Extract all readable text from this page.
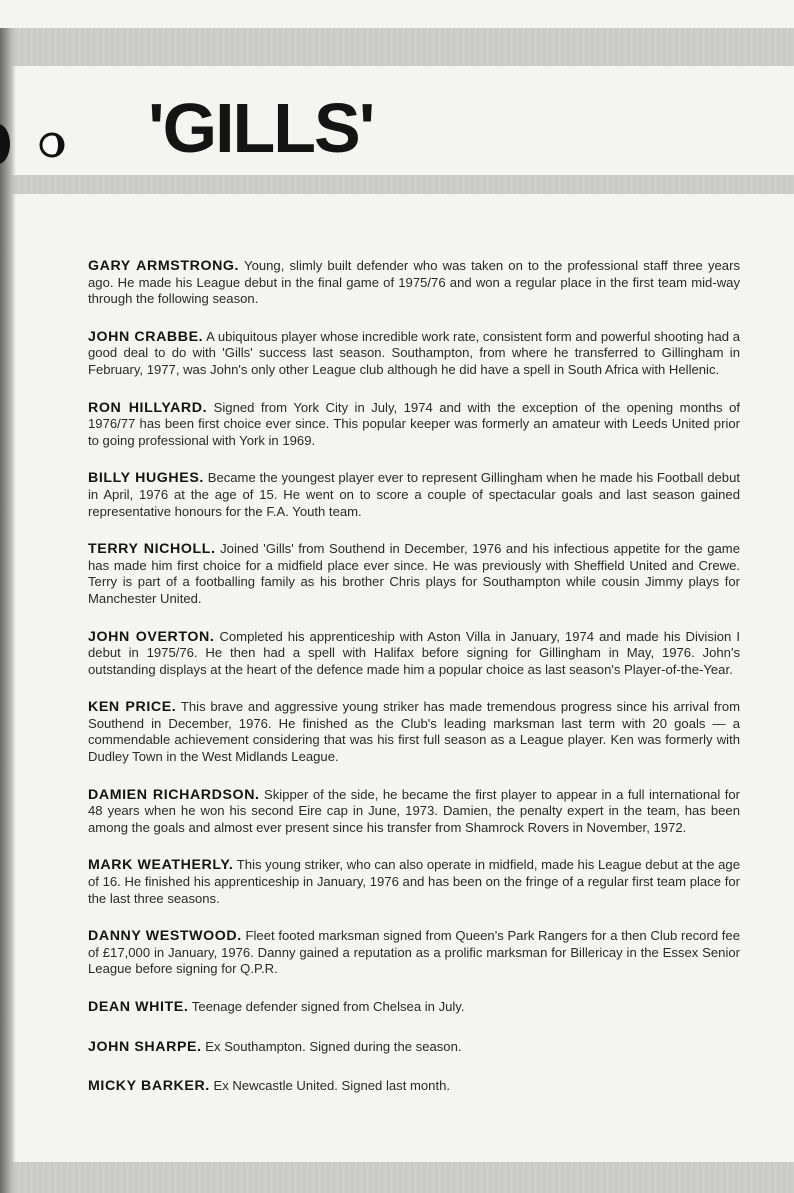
'GILLS'

GARY ARMSTRONG. Young, slimly built defender who was taken on to the professional staff three years ago. He made his League debut in the final game of 1975/76 and won a regular place in the first team mid-way through the following season.

JOHN CRABBE. A ubiquitous player whose incredible work rate, consistent form and powerful shooting had a good deal to do with 'Gills' success last season. Southampton, from where he transferred to Gillingham in February, 1977, was John's only other League club although he did have a spell in South Africa with Hellenic.

RON HILLYARD. Signed from York City in July, 1974 and with the exception of the opening months of 1976/77 has been first choice ever since. This popular keeper was formerly an amateur with Leeds United prior to going professional with York in 1969.

BILLY HUGHES. Became the youngest player ever to represent Gillingham when he made his Football debut in April, 1976 at the age of 15. He went on to score a couple of spectacular goals and last season gained representative honours for the F.A. Youth team.

TERRY NICHOLL. Joined 'Gills' from Southend in December, 1976 and his infectious appetite for the game has made him first choice for a midfield place ever since. He was previously with Sheffield United and Crewe. Terry is part of a footballing family as his brother Chris plays for Southampton while cousin Jimmy plays for Manchester United.

JOHN OVERTON. Completed his apprenticeship with Aston Villa in January, 1974 and made his Division I debut in 1975/76. He then had a spell with Halifax before signing for Gillingham in May, 1976. John's outstanding displays at the heart of the defence made him a popular choice as last season's Player-of-the-Year.

KEN PRICE. This brave and aggressive young striker has made tremendous progress since his arrival from Southend in December, 1976. He finished as the Club's leading marksman last term with 20 goals — a commendable achievement considering that was his first full season as a League player. Ken was formerly with Dudley Town in the West Midlands League.

DAMIEN RICHARDSON. Skipper of the side, he became the first player to appear in a full international for 48 years when he won his second Eire cap in June, 1973. Damien, the penalty expert in the team, has been among the goals and almost ever present since his transfer from Shamrock Rovers in November, 1972.

MARK WEATHERLY. This young striker, who can also operate in midfield, made his League debut at the age of 16. He finished his apprenticeship in January, 1976 and has been on the fringe of a regular first team place for the last three seasons.

DANNY WESTWOOD. Fleet footed marksman signed from Queen's Park Rangers for a then Club record fee of £17,000 in January, 1976. Danny gained a reputation as a prolific marksman for Billericay in the Essex Senior League before signing for Q.P.R.

DEAN WHITE. Teenage defender signed from Chelsea in July.

JOHN SHARPE. Ex Southampton. Signed during the season.

MICKY BARKER. Ex Newcastle United. Signed last month.
